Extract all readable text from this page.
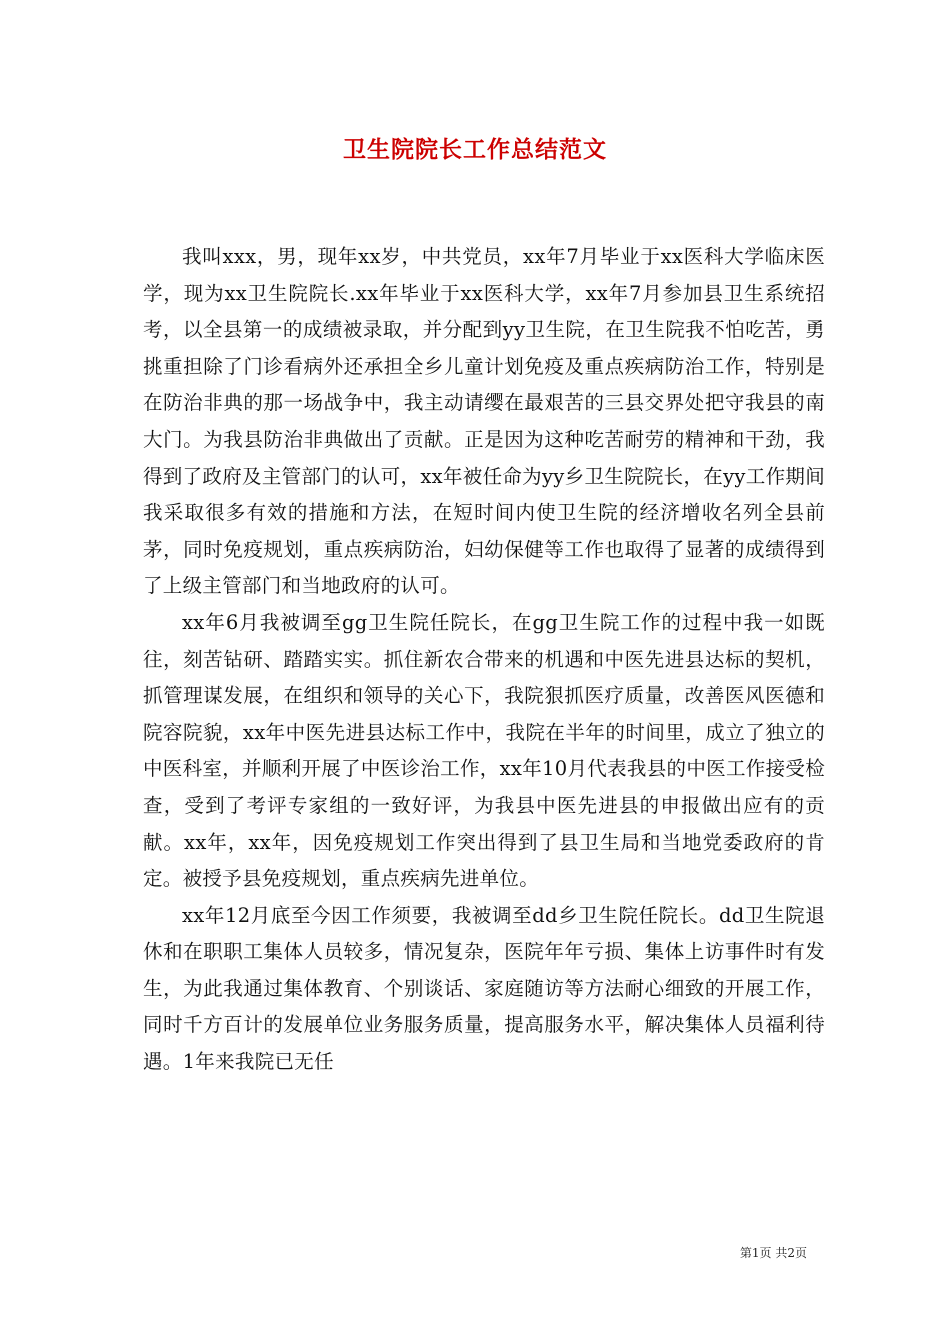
卫生院院长工作总结范文

我叫xxx，男，现年xx岁，中共党员，xx年7月毕业于xx医科大学临床医学，现为xx卫生院院长.xx年毕业于xx医科大学，xx年7月参加县卫生系统招考，以全县第一的成绩被录取，并分配到yy卫生院，在卫生院我不怕吃苦，勇挑重担除了门诊看病外还承担全乡儿童计划免疫及重点疾病防治工作，特别是在防治非典的那一场战争中，我主动请缨在最艰苦的三县交界处把守我县的南大门。为我县防治非典做出了贡献。正是因为这种吃苦耐劳的精神和干劲，我得到了政府及主管部门的认可，xx年被任命为yy乡卫生院院长，在yy工作期间我采取很多有效的措施和方法，在短时间内使卫生院的经济增收名列全县前茅，同时免疫规划，重点疾病防治，妇幼保健等工作也取得了显著的成绩得到了上级主管部门和当地政府的认可。

xx年6月我被调至gg卫生院任院长，在gg卫生院工作的过程中我一如既往，刻苦钻研、踏踏实实。抓住新农合带来的机遇和中医先进县达标的契机，抓管理谋发展，在组织和领导的关心下，我院狠抓医疗质量，改善医风医德和院容院貌，xx年中医先进县达标工作中，我院在半年的时间里，成立了独立的中医科室，并顺利开展了中医诊治工作，xx年10月代表我县的中医工作接受检查，受到了考评专家组的一致好评，为我县中医先进县的申报做出应有的贡献。xx年，xx年，因免疫规划工作突出得到了县卫生局和当地党委政府的肯定。被授予县免疫规划，重点疾病先进单位。

xx年12月底至今因工作须要，我被调至dd乡卫生院任院长。dd卫生院退休和在职职工集体人员较多，情况复杂，医院年年亏损、集体上访事件时有发生，为此我通过集体教育、个别谈话、家庭随访等方法耐心细致的开展工作，同时千方百计的发展单位业务服务质量，提高服务水平，解决集体人员福利待遇。1年来我院已无任

第1页 共2页
